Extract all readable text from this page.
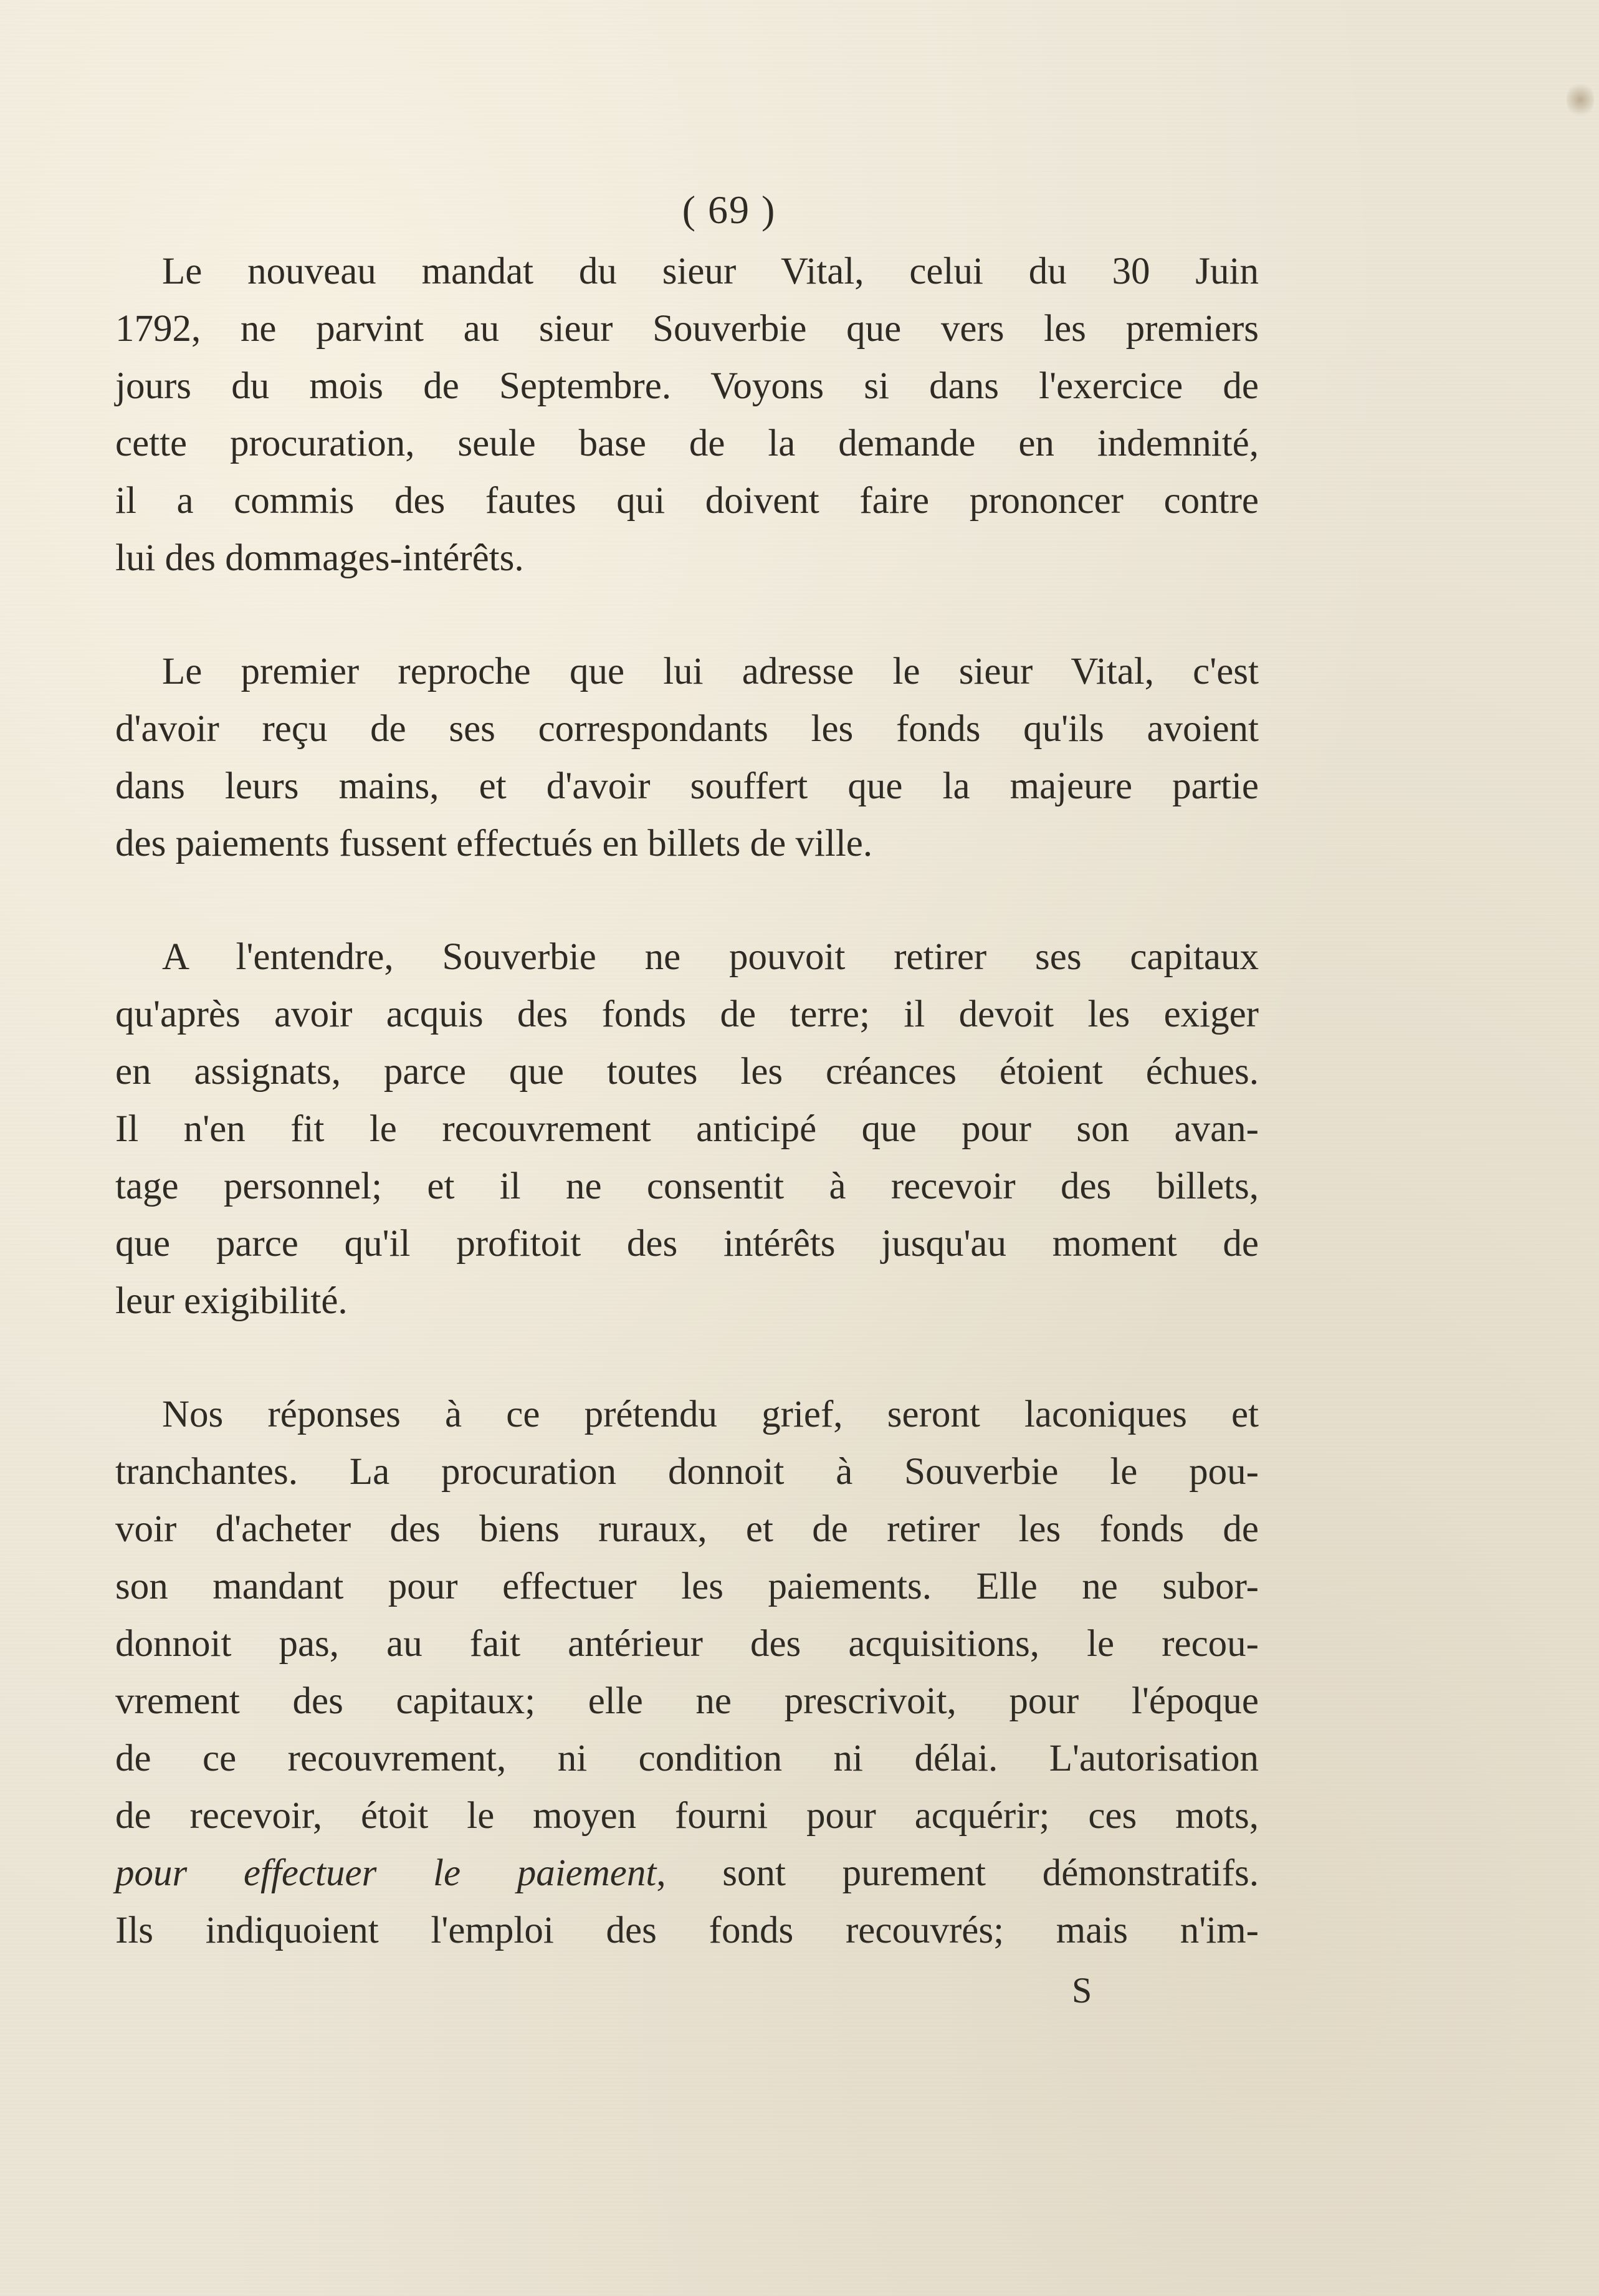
( 69 )

Le nouveau mandat du sieur Vital, celui du 30 Juin
1792, ne parvint au sieur Souverbie que vers les premiers
jours du mois de Septembre. Voyons si dans l'exercice de
cette procuration, seule base de la demande en indemnité,
il a commis des fautes qui doivent faire prononcer contre
lui des dommages-intérêts.

Le premier reproche que lui adresse le sieur Vital, c'est
d'avoir reçu de ses correspondants les fonds qu'ils avoient
dans leurs mains, et d'avoir souffert que la majeure partie
des paiements fussent effectués en billets de ville.

A l'entendre, Souverbie ne pouvoit retirer ses capitaux
qu'après avoir acquis des fonds de terre; il devoit les exiger
en assignats, parce que toutes les créances étoient échues.
Il n'en fit le recouvrement anticipé que pour son avan-
tage personnel; et il ne consentit à recevoir des billets,
que parce qu'il profitoit des intérêts jusqu'au moment de
leur exigibilité.

Nos réponses à ce prétendu grief, seront laconiques et
tranchantes. La procuration donnoit à Souverbie le pou-
voir d'acheter des biens ruraux, et de retirer les fonds de
son mandant pour effectuer les paiements. Elle ne subor-
donnoit pas, au fait antérieur des acquisitions, le recou-
vrement des capitaux; elle ne prescrivoit, pour l'époque
de ce recouvrement, ni condition ni délai. L'autorisation
de recevoir, étoit le moyen fourni pour acquérir; ces mots,
pour effectuer le paiement, sont purement démonstratifs.
Ils indiquoient l'emploi des fonds recouvrés; mais n'im-

S
